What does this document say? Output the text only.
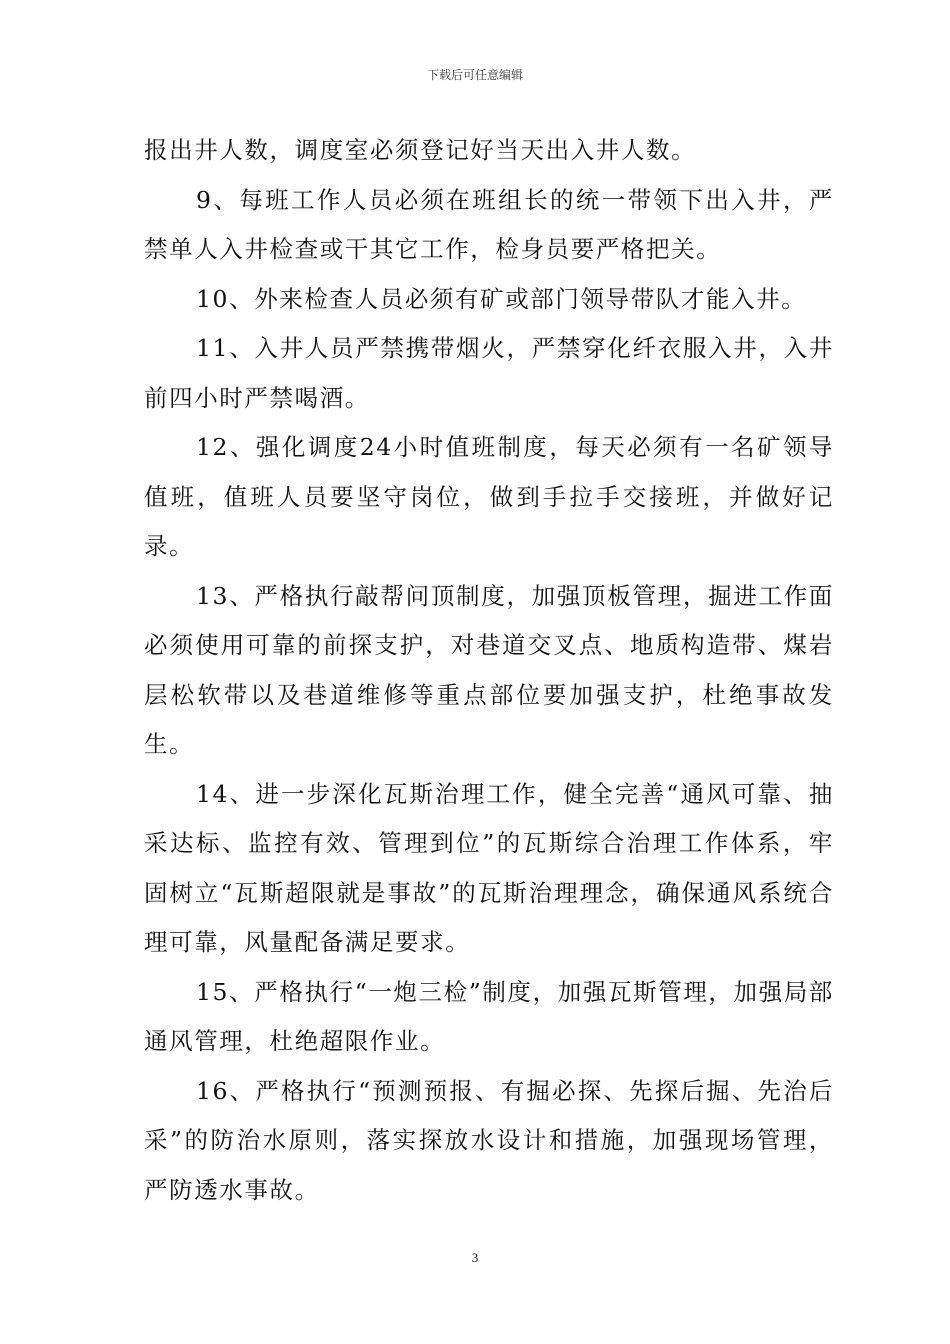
下载后可任意编辑

报出井人数，调度室必须登记好当天出入井人数。

9、每班工作人员必须在班组长的统一带领下出入井，严禁单人入井检查或干其它工作，检身员要严格把关。

10、外来检查人员必须有矿或部门领导带队才能入井。

11、入井人员严禁携带烟火，严禁穿化纤衣服入井，入井前四小时严禁喝酒。

12、强化调度24小时值班制度，每天必须有一名矿领导值班，值班人员要坚守岗位，做到手拉手交接班，并做好记录。

13、严格执行敲帮问顶制度，加强顶板管理，掘进工作面必须使用可靠的前探支护，对巷道交叉点、地质构造带、煤岩层松软带以及巷道维修等重点部位要加强支护，杜绝事故发生。

14、进一步深化瓦斯治理工作，健全完善“通风可靠、抽采达标、监控有效、管理到位”的瓦斯综合治理工作体系，牢固树立“瓦斯超限就是事故”的瓦斯治理理念，确保通风系统合理可靠，风量配备满足要求。

15、严格执行“一炮三检”制度，加强瓦斯管理，加强局部通风管理，杜绝超限作业。

16、严格执行“预测预报、有掘必探、先探后掘、先治后采”的防治水原则，落实探放水设计和措施，加强现场管理，严防透水事故。

3
